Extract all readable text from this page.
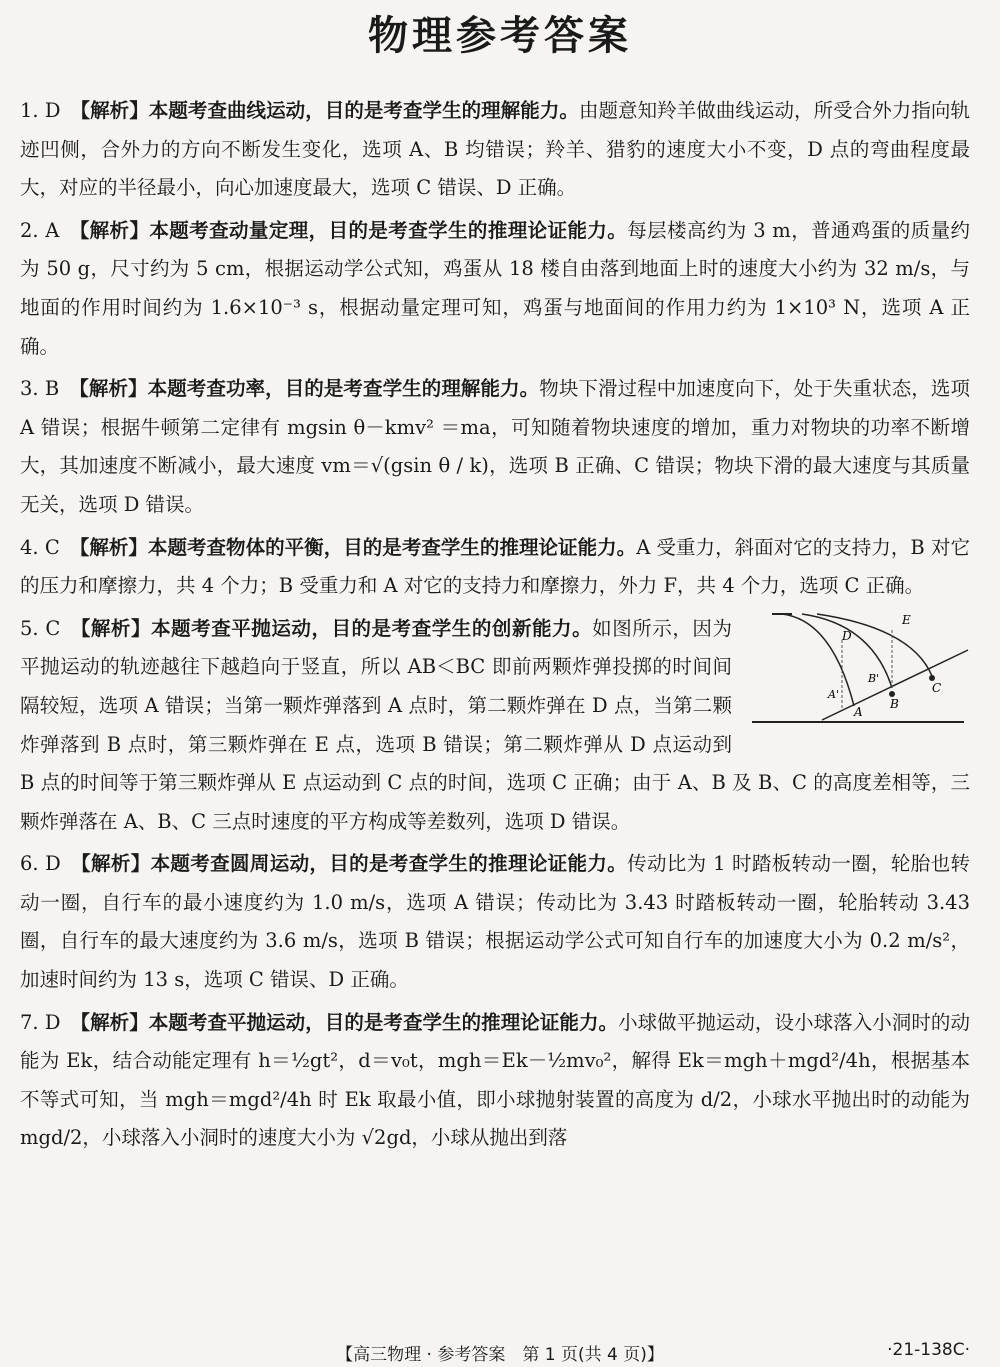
物理参考答案
1. D 【解析】本题考查曲线运动，目的是考查学生的理解能力。由题意知羚羊做曲线运动，所受合外力指向轨迹凹侧，合外力的方向不断发生变化，选项 A、B 均错误；羚羊、猎豹的速度大小不变，D 点的弯曲程度最大，对应的半径最小，向心加速度最大，选项 C 错误、D 正确。
2. A 【解析】本题考查动量定理，目的是考查学生的推理论证能力。每层楼高约为 3 m，普通鸡蛋的质量约为 50 g，尺寸约为 5 cm，根据运动学公式知，鸡蛋从 18 楼自由落到地面上时的速度大小约为 32 m/s，与地面的作用时间约为 1.6×10⁻³ s，根据动量定理可知，鸡蛋与地面间的作用力约为 1×10³ N，选项 A 正确。
3. B 【解析】本题考查功率，目的是考查学生的理解能力。物块下滑过程中加速度向下，处于失重状态，选项 A 错误；根据牛顿第二定律有 mgsin θ－kmv² ＝ma，可知随着物块速度的增加，重力对物块的功率不断增大，其加速度不断减小，最大速度 vm＝√(gsin θ / k)，选项 B 正确、C 错误；物块下滑的最大速度与其质量无关，选项 D 错误。
4. C 【解析】本题考查物体的平衡，目的是考查学生的推理论证能力。A 受重力，斜面对它的支持力，B 对它的压力和摩擦力，共 4 个力；B 受重力和 A 对它的支持力和摩擦力，外力 F，共 4 个力，选项 C 正确。
D
E
B'
A'
A
B
C
5. C 【解析】本题考查平抛运动，目的是考查学生的创新能力。如图所示，因为平抛运动的轨迹越往下越趋向于竖直，所以 AB＜BC 即前两颗炸弹投掷的时间间隔较短，选项 A 错误；当第一颗炸弹落到 A 点时，第二颗炸弹在 D 点，当第二颗炸弹落到 B 点时，第三颗炸弹在 E 点，选项 B 错误；第二颗炸弹从 D 点运动到 B 点的时间等于第三颗炸弹从 E 点运动到 C 点的时间，选项 C 正确；由于 A、B 及 B、C 的高度差相等，三颗炸弹落在 A、B、C 三点时速度的平方构成等差数列，选项 D 错误。
6. D 【解析】本题考查圆周运动，目的是考查学生的推理论证能力。传动比为 1 时踏板转动一圈，轮胎也转动一圈，自行车的最小速度约为 1.0 m/s，选项 A 错误；传动比为 3.43 时踏板转动一圈，轮胎转动 3.43 圈，自行车的最大速度约为 3.6 m/s，选项 B 错误；根据运动学公式可知自行车的加速度大小为 0.2 m/s²，加速时间约为 13 s，选项 C 错误、D 正确。
7. D 【解析】本题考查平抛运动，目的是考查学生的推理论证能力。小球做平抛运动，设小球落入小洞时的动能为 Ek，结合动能定理有 h＝½gt²，d＝v₀t，mgh＝Ek－½mv₀²，解得 Ek＝mgh＋mgd²/4h，根据基本不等式可知，当 mgh＝mgd²/4h 时 Ek 取最小值，即小球抛射装置的高度为 d/2，小球水平抛出时的动能为 mgd/2，小球落入小洞时的速度大小为 √2gd，小球从抛出到落
【高三物理 · 参考答案　第 1 页(共 4 页)】	·21-138C·
